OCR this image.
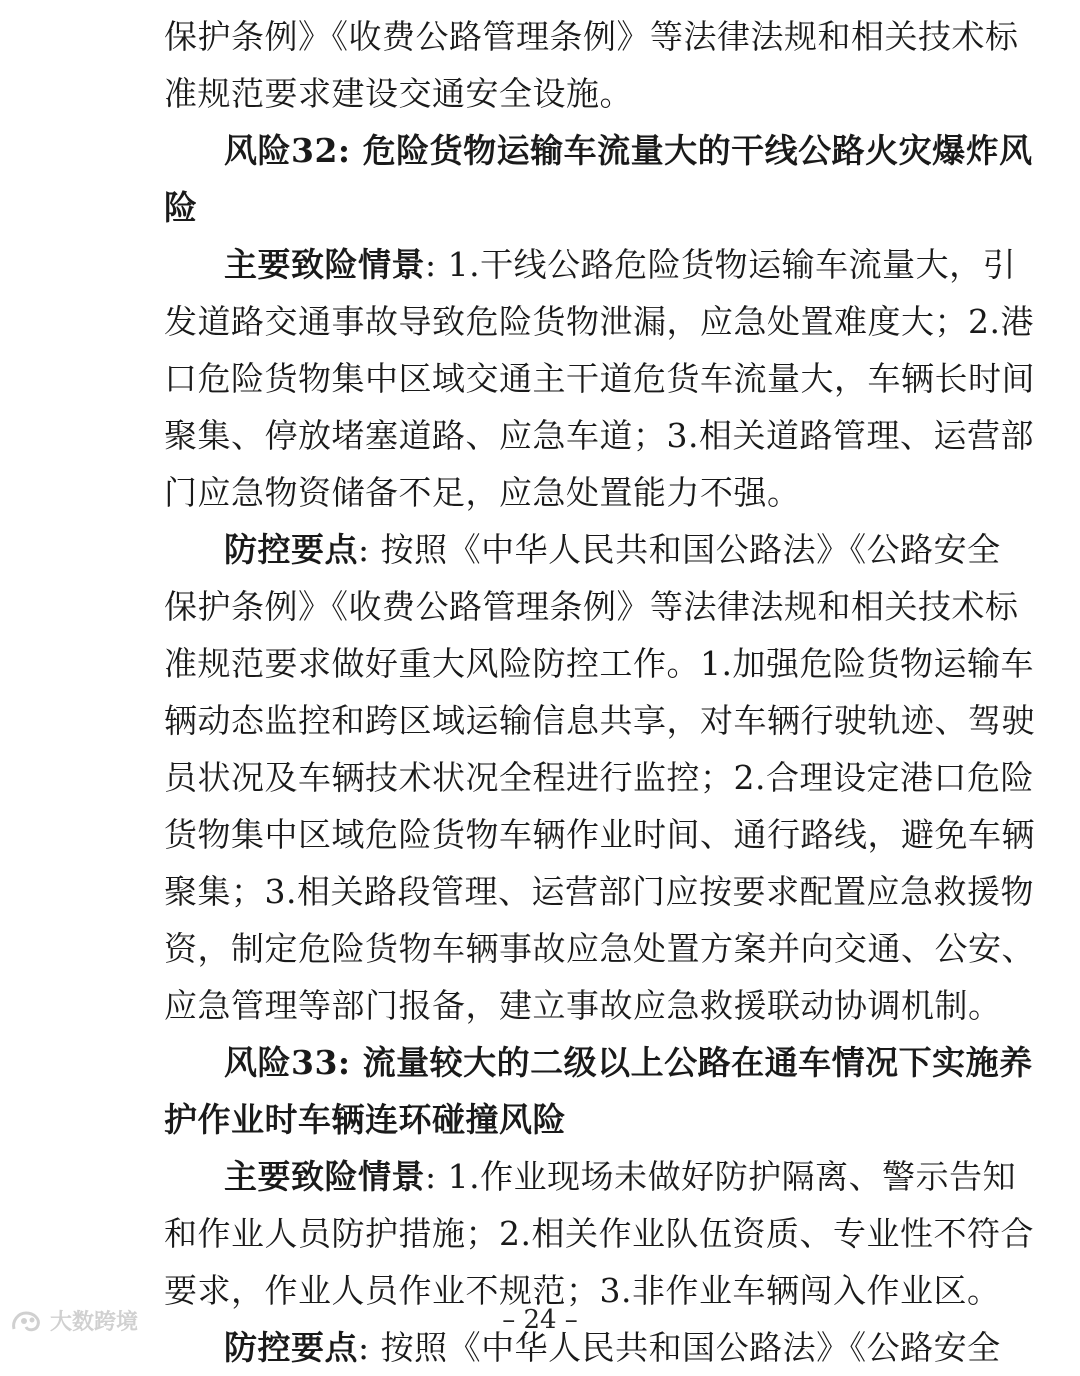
保护条例》《收费公路管理条例》等法律法规和相关技术标
准规范要求建设交通安全设施。
风险32: 危险货物运输车流量大的干线公路火灾爆炸风
险
主要致险情景: 1.干线公路危险货物运输车流量大，引
发道路交通事故导致危险货物泄漏，应急处置难度大；2.港
口危险货物集中区域交通主干道危货车流量大，车辆长时间
聚集、停放堵塞道路、应急车道；3.相关道路管理、运营部
门应急物资储备不足，应急处置能力不强。
防控要点: 按照《中华人民共和国公路法》《公路安全
保护条例》《收费公路管理条例》等法律法规和相关技术标
准规范要求做好重大风险防控工作。1.加强危险货物运输车
辆动态监控和跨区域运输信息共享，对车辆行驶轨迹、驾驶
员状况及车辆技术状况全程进行监控；2.合理设定港口危险
货物集中区域危险货物车辆作业时间、通行路线，避免车辆
聚集；3.相关路段管理、运营部门应按要求配置应急救援物
资，制定危险货物车辆事故应急处置方案并向交通、公安、
应急管理等部门报备，建立事故应急救援联动协调机制。
风险33: 流量较大的二级以上公路在通车情况下实施养
护作业时车辆连环碰撞风险
主要致险情景: 1.作业现场未做好防护隔离、警示告知
和作业人员防护措施；2.相关作业队伍资质、专业性不符合
要求，作业人员作业不规范；3.非作业车辆闯入作业区。
防控要点: 按照《中华人民共和国公路法》《公路安全
– 24 –
大数跨境
